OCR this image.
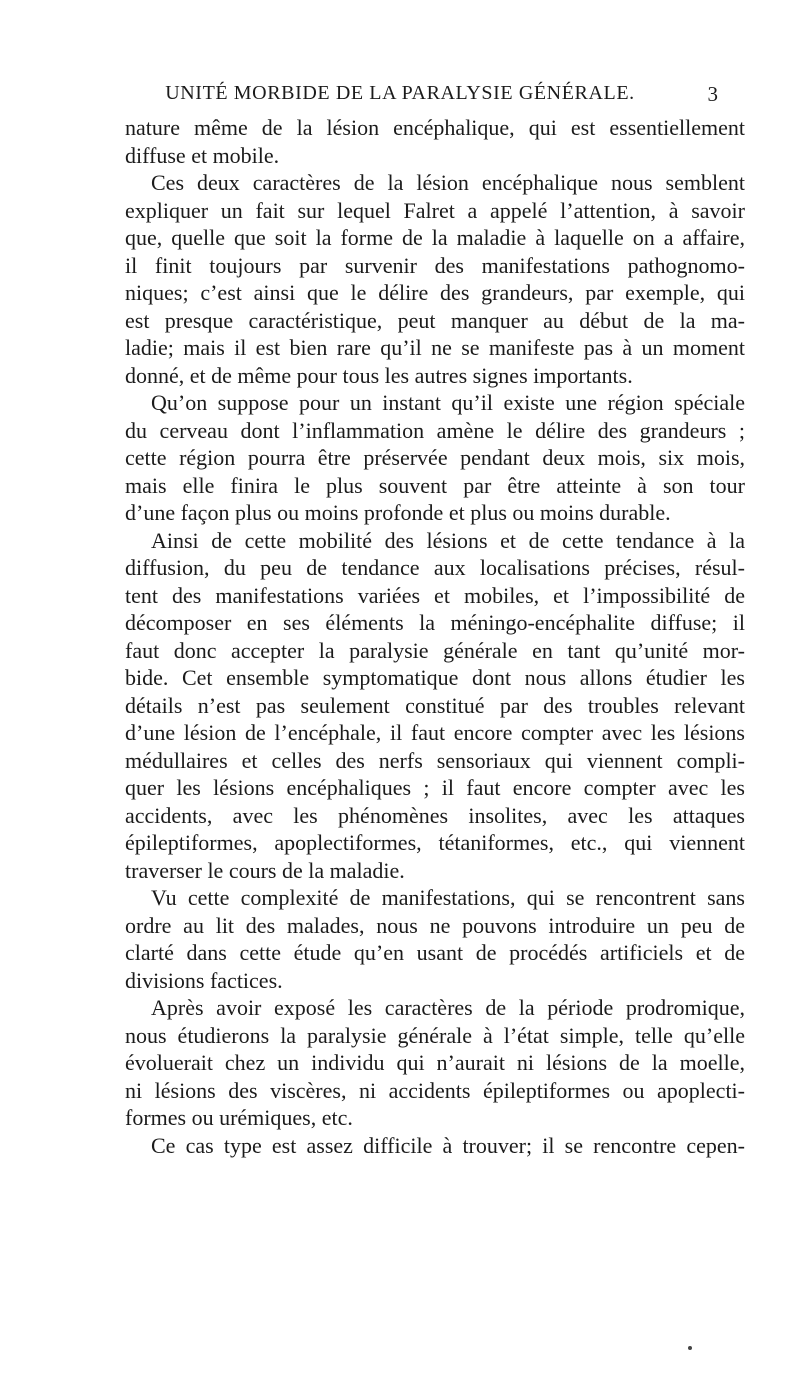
UNITÉ MORBIDE DE LA PARALYSIE GÉNÉRALE.	3
nature même de la lésion encéphalique, qui est essentiellement
diffuse et mobile.
Ces deux caractères de la lésion encéphalique nous semblent
expliquer un fait sur lequel Falret a appelé l’attention, à savoir
que, quelle que soit la forme de la maladie à laquelle on a affaire,
il finit toujours par survenir des manifestations pathognomo-
niques; c’est ainsi que le délire des grandeurs, par exemple, qui
est presque caractéristique, peut manquer au début de la ma-
ladie; mais il est bien rare qu’il ne se manifeste pas à un moment
donné, et de même pour tous les autres signes importants.
Qu’on suppose pour un instant qu’il existe une région spéciale
du cerveau dont l’inflammation amène le délire des grandeurs ;
cette région pourra être préservée pendant deux mois, six mois,
mais elle finira le plus souvent par être atteinte à son tour
d’une façon plus ou moins profonde et plus ou moins durable.
Ainsi de cette mobilité des lésions et de cette tendance à la
diffusion, du peu de tendance aux localisations précises, résul-
tent des manifestations variées et mobiles, et l’impossibilité de
décomposer en ses éléments la méningo-encéphalite diffuse; il
faut donc accepter la paralysie générale en tant qu’unité mor-
bide. Cet ensemble symptomatique dont nous allons étudier les
détails n’est pas seulement constitué par des troubles relevant
d’une lésion de l’encéphale, il faut encore compter avec les lésions
médullaires et celles des nerfs sensoriaux qui viennent compli-
quer les lésions encéphaliques ; il faut encore compter avec les
accidents, avec les phénomènes insolites, avec les attaques
épileptiformes, apoplectiformes, tétaniformes, etc., qui viennent
traverser le cours de la maladie.
Vu cette complexité de manifestations, qui se rencontrent sans
ordre au lit des malades, nous ne pouvons introduire un peu de
clarté dans cette étude qu’en usant de procédés artificiels et de
divisions factices.
Après avoir exposé les caractères de la période prodromique,
nous étudierons la paralysie générale à l’état simple, telle qu’elle
évoluerait chez un individu qui n’aurait ni lésions de la moelle,
ni lésions des viscères, ni accidents épileptiformes ou apoplecti-
formes ou urémiques, etc.
Ce cas type est assez difficile à trouver; il se rencontre cepen-
